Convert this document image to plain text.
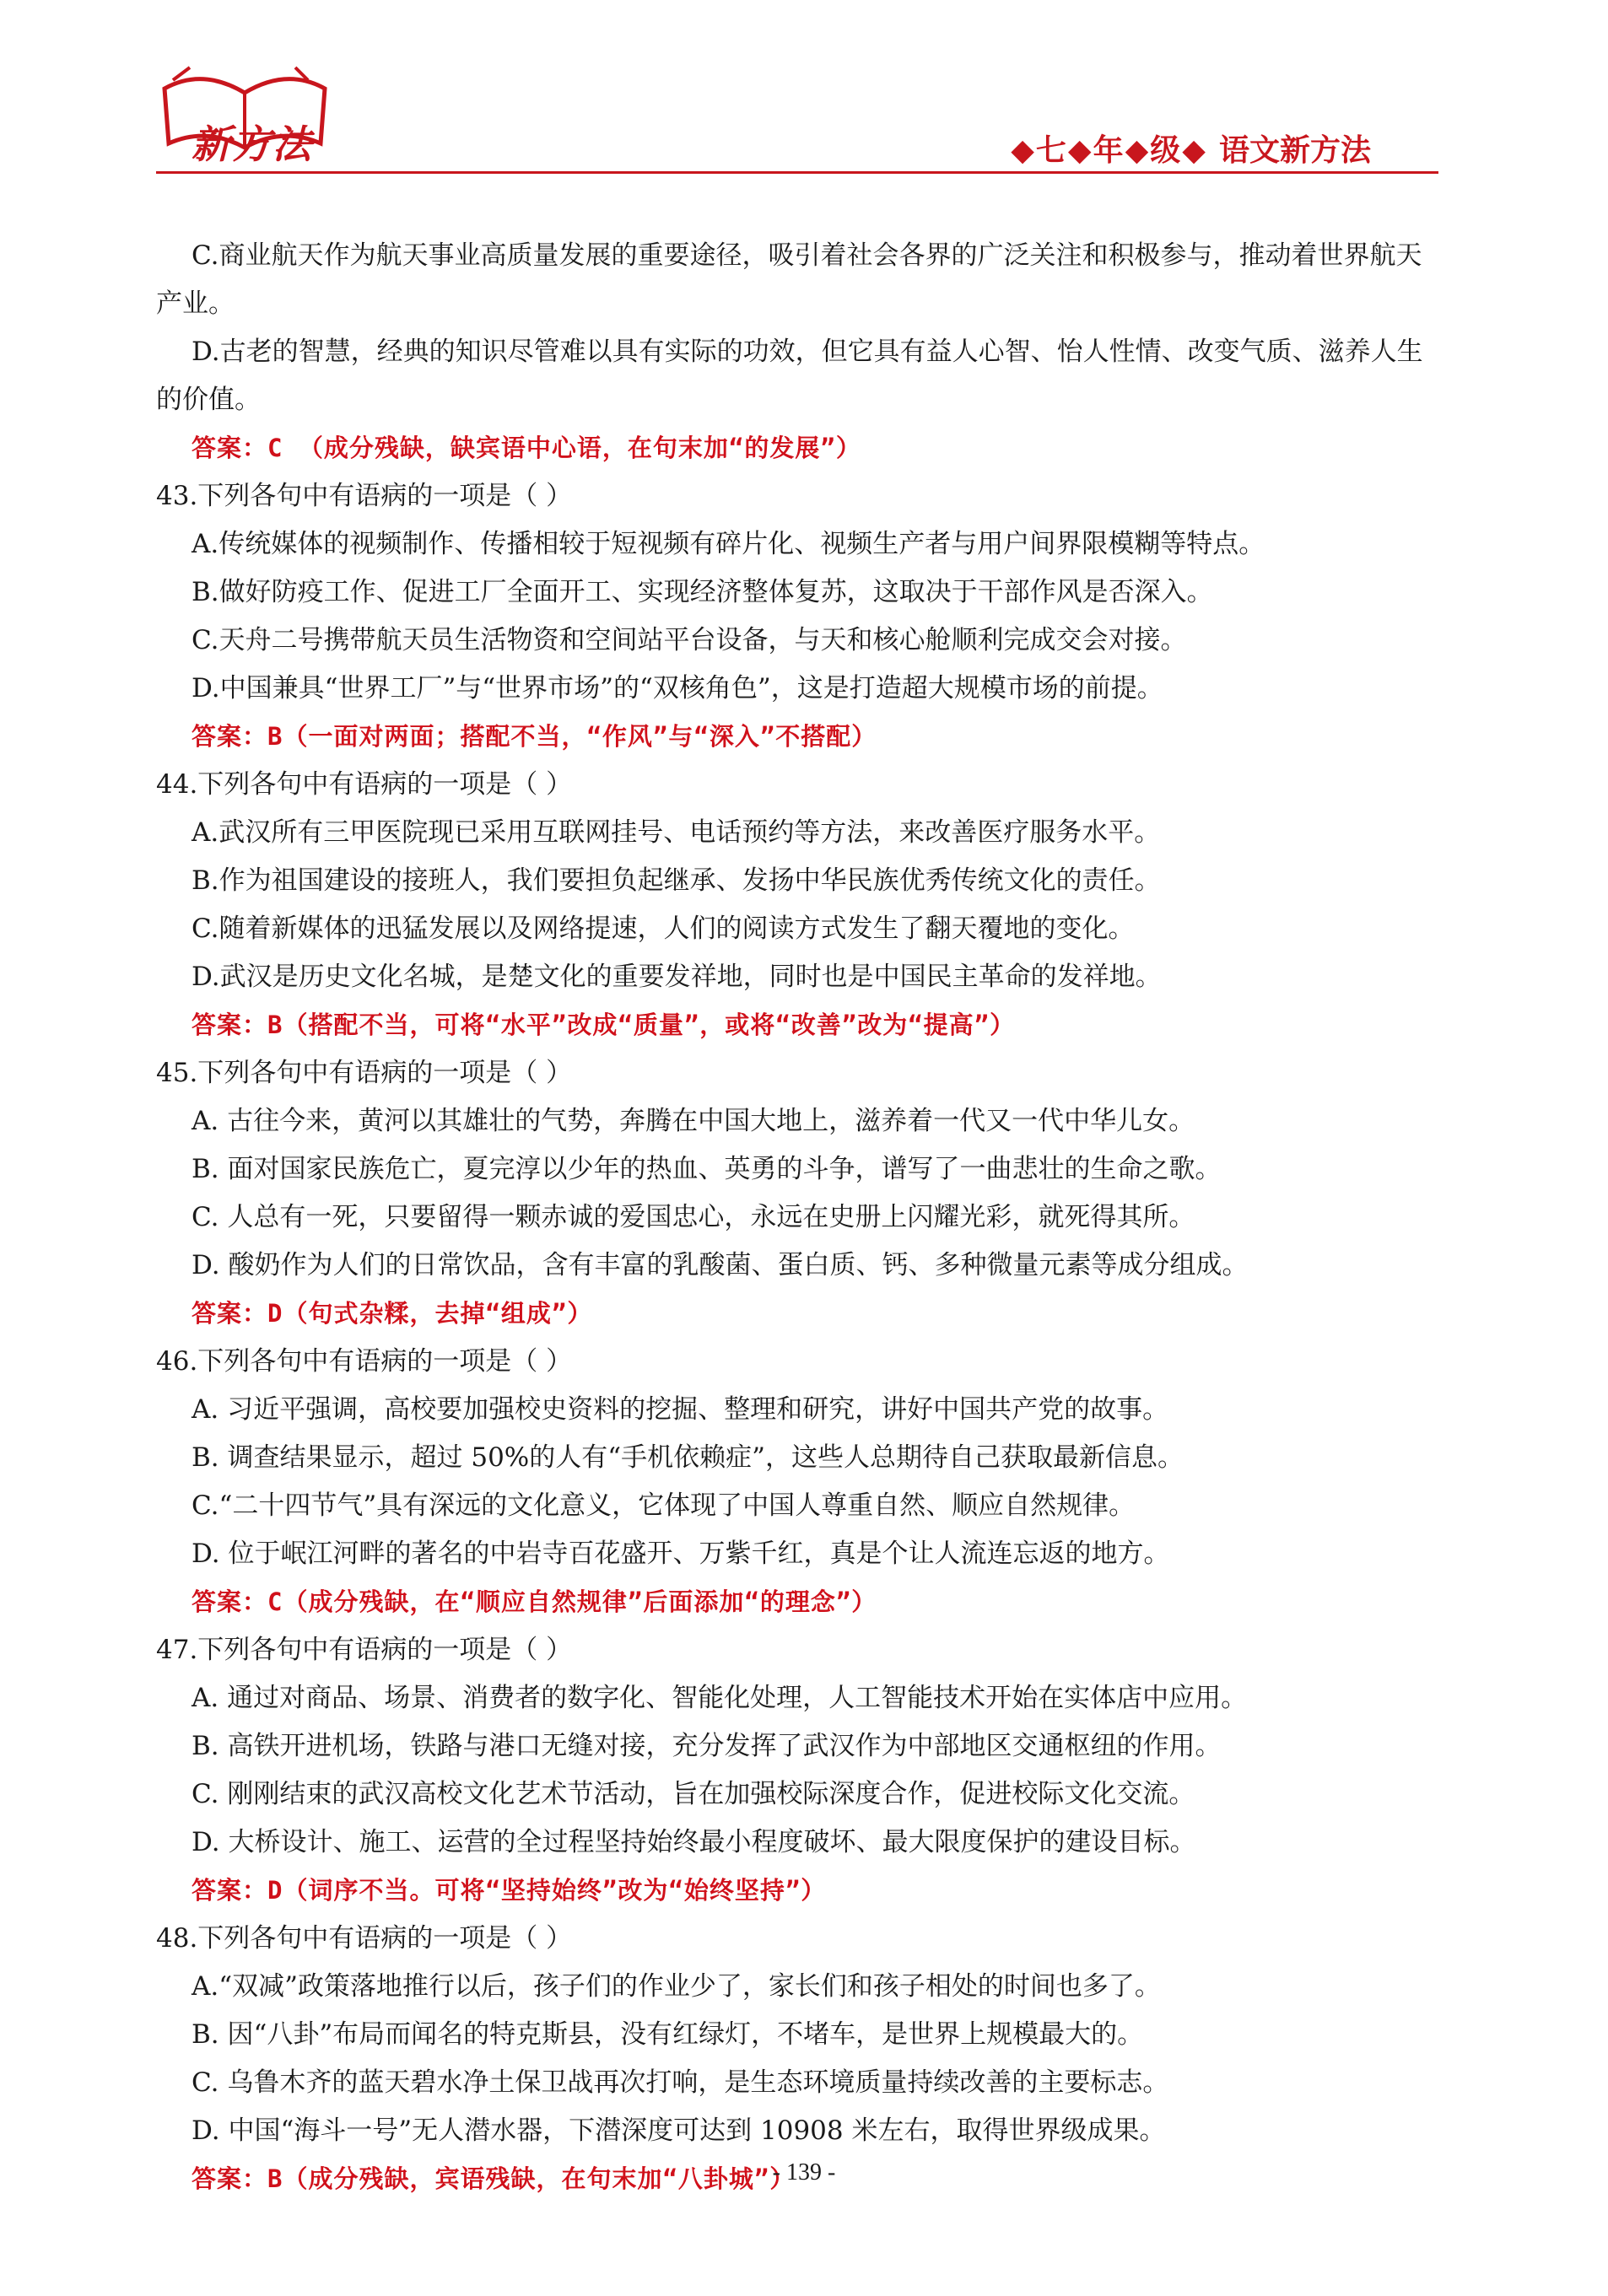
新方法	◆七◆年◆级◆ 语文新方法
C.商业航天作为航天事业高质量发展的重要途径，吸引着社会各界的广泛关注和积极参与，推动着世界航天产业。
D.古老的智慧，经典的知识尽管难以具有实际的功效，但它具有益人心智、怡人性情、改变气质、滋养人生的价值。
答案：C （成分残缺，缺宾语中心语，在句末加“的发展”）
43.下列各句中有语病的一项是（ ）
A.传统媒体的视频制作、传播相较于短视频有碎片化、视频生产者与用户间界限模糊等特点。
B.做好防疫工作、促进工厂全面开工、实现经济整体复苏，这取决于干部作风是否深入。
C.天舟二号携带航天员生活物资和空间站平台设备，与天和核心舱顺利完成交会对接。
D.中国兼具“世界工厂”与“世界市场”的“双核角色”，这是打造超大规模市场的前提。
答案：B（一面对两面；搭配不当，“作风”与“深入”不搭配）
44.下列各句中有语病的一项是（ ）
A.武汉所有三甲医院现已采用互联网挂号、电话预约等方法，来改善医疗服务水平。
B.作为祖国建设的接班人，我们要担负起继承、发扬中华民族优秀传统文化的责任。
C.随着新媒体的迅猛发展以及网络提速，人们的阅读方式发生了翻天覆地的变化。
D.武汉是历史文化名城，是楚文化的重要发祥地，同时也是中国民主革命的发祥地。
答案：B（搭配不当，可将“水平”改成“质量”，或将“改善”改为“提高”）
45.下列各句中有语病的一项是（ ）
A. 古往今来，黄河以其雄壮的气势，奔腾在中国大地上，滋养着一代又一代中华儿女。
B. 面对国家民族危亡，夏完淳以少年的热血、英勇的斗争，谱写了一曲悲壮的生命之歌。
C. 人总有一死，只要留得一颗赤诚的爱国忠心，永远在史册上闪耀光彩，就死得其所。
D. 酸奶作为人们的日常饮品，含有丰富的乳酸菌、蛋白质、钙、多种微量元素等成分组成。
答案：D（句式杂糅，去掉“组成”）
46.下列各句中有语病的一项是（ ）
A. 习近平强调，高校要加强校史资料的挖掘、整理和研究，讲好中国共产党的故事。
B. 调查结果显示，超过 50%的人有“手机依赖症”，这些人总期待自己获取最新信息。
C.“二十四节气”具有深远的文化意义，它体现了中国人尊重自然、顺应自然规律。
D. 位于岷江河畔的著名的中岩寺百花盛开、万紫千红，真是个让人流连忘返的地方。
答案：C（成分残缺，在“顺应自然规律”后面添加“的理念”）
47.下列各句中有语病的一项是（ ）
A. 通过对商品、场景、消费者的数字化、智能化处理，人工智能技术开始在实体店中应用。
B. 高铁开进机场，铁路与港口无缝对接，充分发挥了武汉作为中部地区交通枢纽的作用。
C. 刚刚结束的武汉高校文化艺术节活动，旨在加强校际深度合作，促进校际文化交流。
D. 大桥设计、施工、运营的全过程坚持始终最小程度破坏、最大限度保护的建设目标。
答案：D（词序不当。可将“坚持始终”改为“始终坚持”）
48.下列各句中有语病的一项是（ ）
A.“双减”政策落地推行以后，孩子们的作业少了，家长们和孩子相处的时间也多了。
B. 因“八卦”布局而闻名的特克斯县，没有红绿灯，不堵车，是世界上规模最大的。
C. 乌鲁木齐的蓝天碧水净土保卫战再次打响，是生态环境质量持续改善的主要标志。
D. 中国“海斗一号”无人潜水器，下潜深度可达到 10908 米左右，取得世界级成果。
答案：B（成分残缺，宾语残缺，在句末加“八卦城”）
- 139 -
